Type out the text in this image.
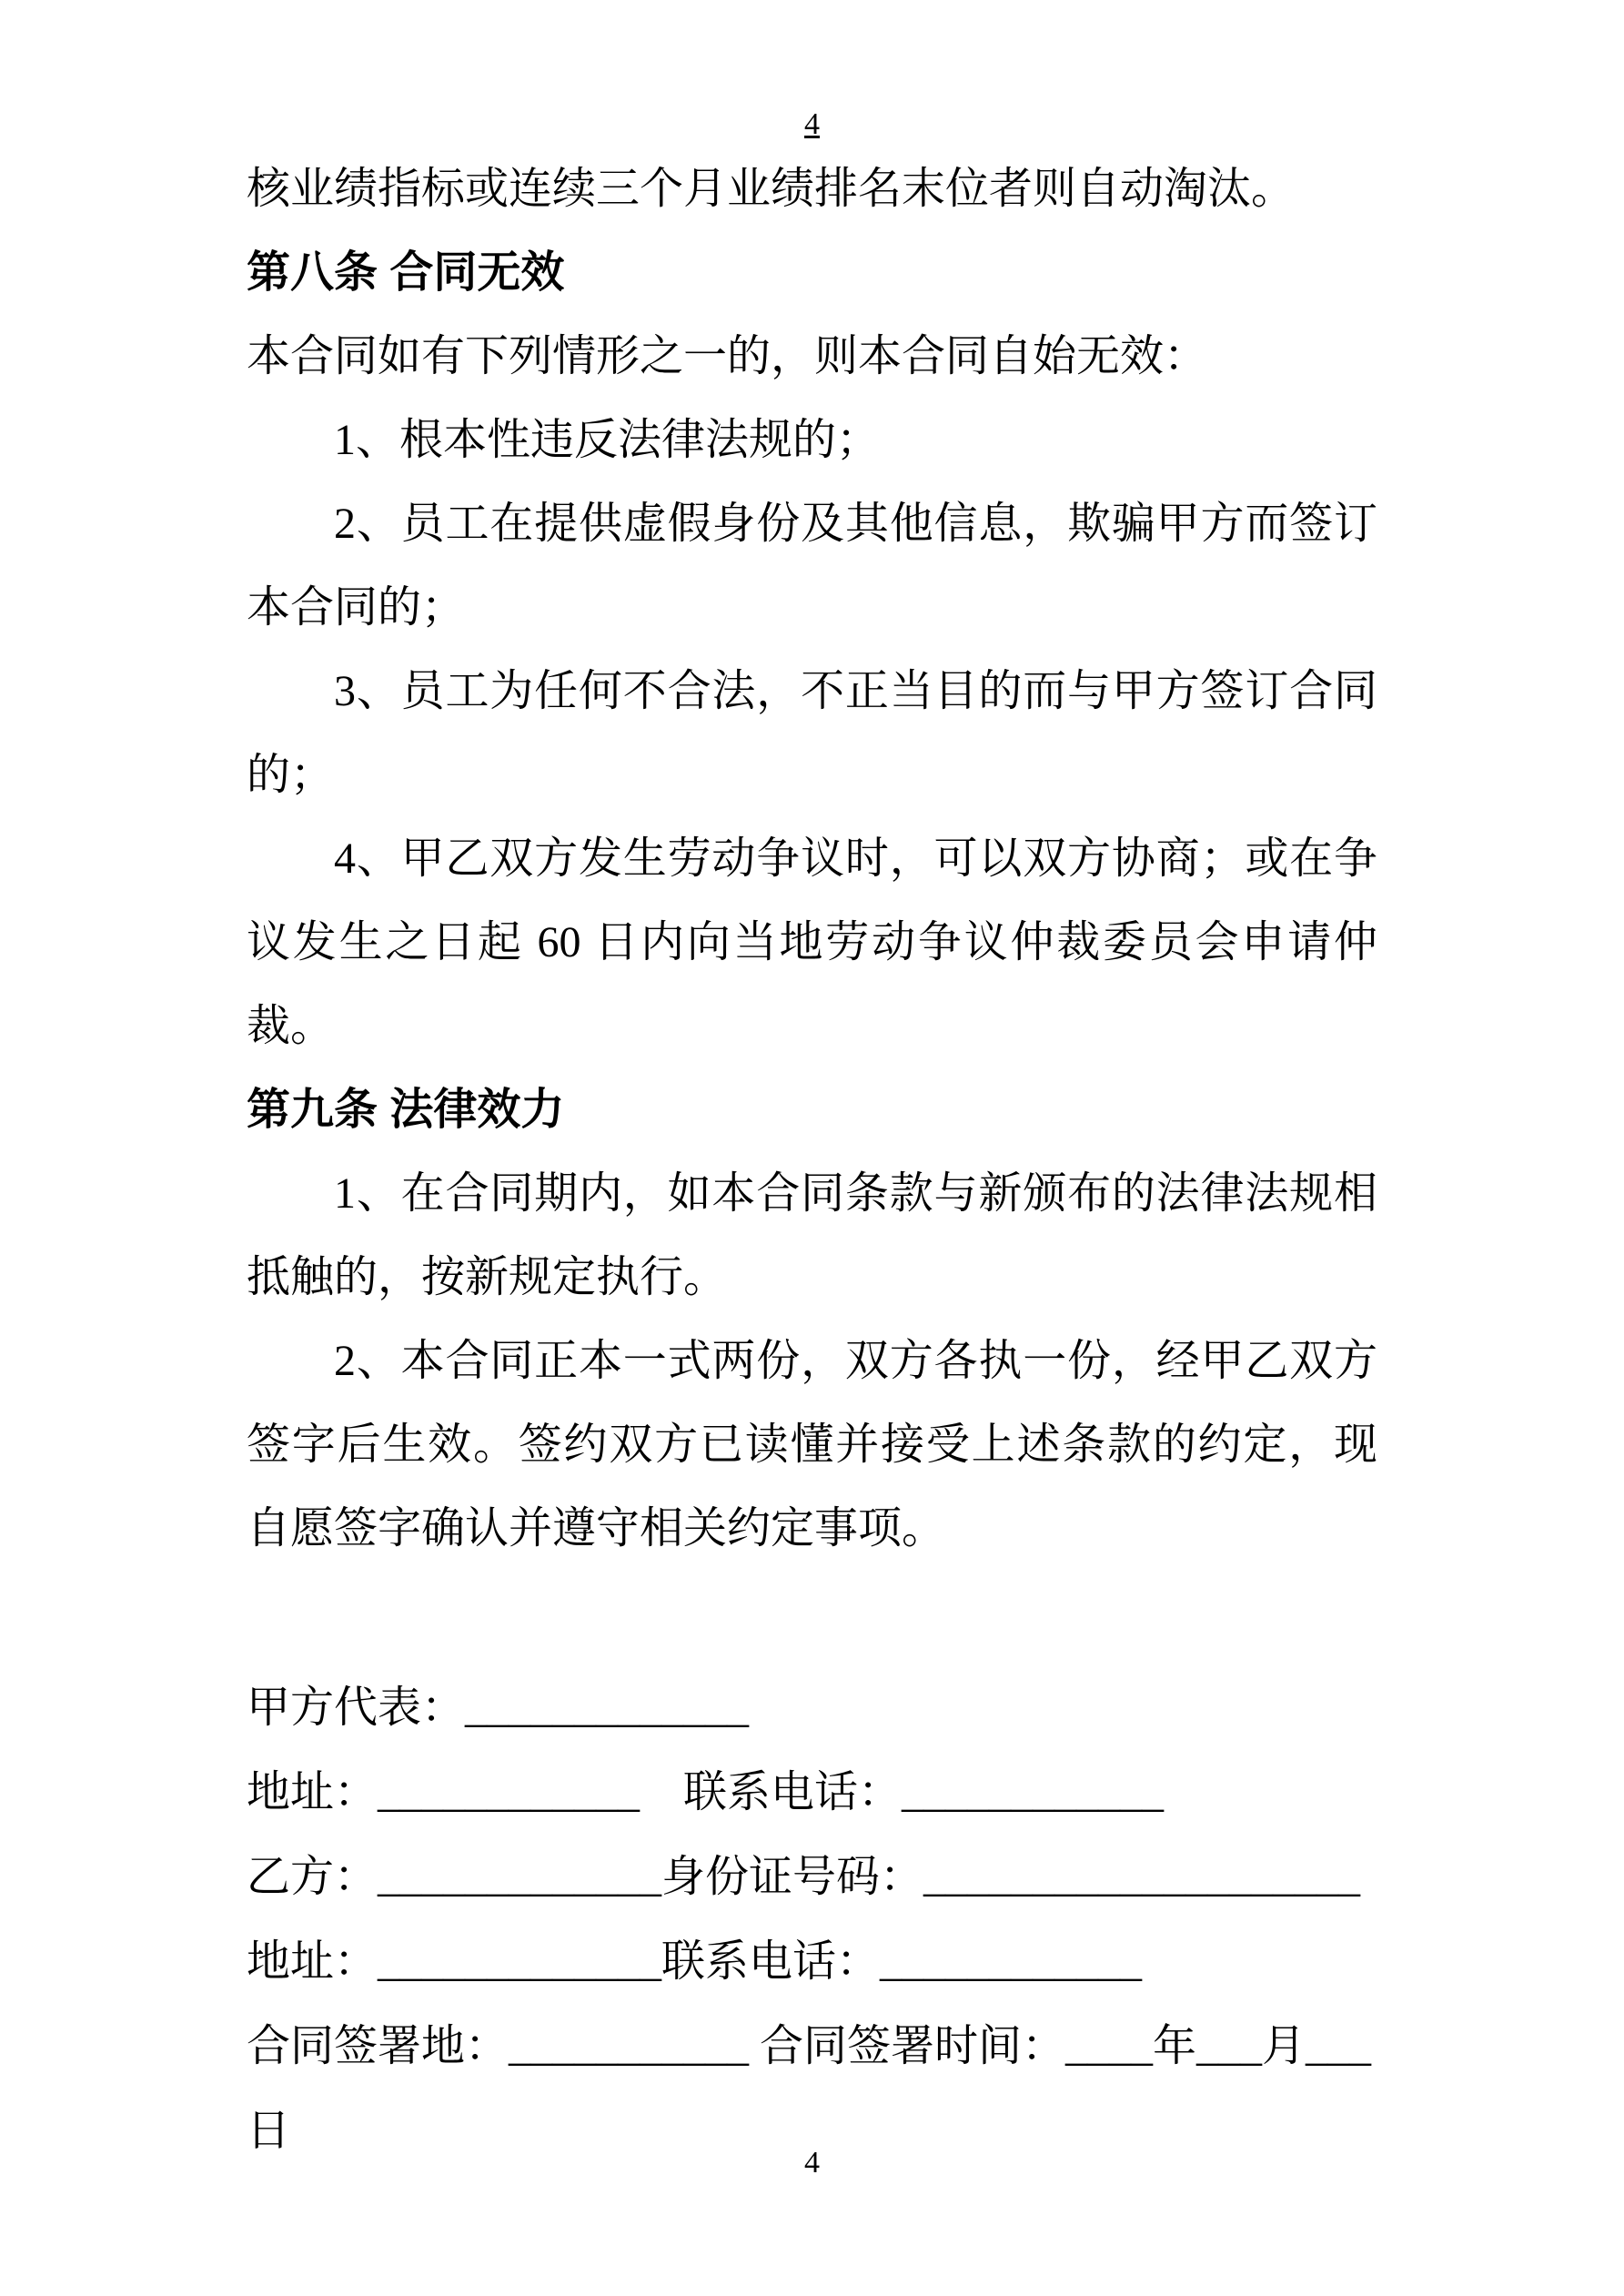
4

核业绩指标或连续三个月业绩排名末位者则自动淘汰。

第八条 合同无效

本合同如有下列情形之一的，则本合同自始无效：

1、根本性违反法律法规的；

2、员工在提供虚假身份及其他信息，欺骗甲方而签订本合同的；

3、员工为任何不合法，不正当目的而与甲方签订合同的；

4、甲乙双方发生劳动争议时，可以双方协商；或在争议发生之日起 60 日内向当地劳动争议仲裁委员会申请仲裁。

第九条 法律效力

1、在合同期内，如本合同条款与新颁布的法律法规相抵触的，按新规定执行。

2、本合同正本一式两份，双方各执一份，经甲乙双方签字后生效。签约双方已读懂并接受上述条款的约定，现自愿签字确认并遵守相关约定事项。

甲方代表：_____________

地址：____________　联系电话：____________

乙方：_____________身份证号码：____________________

地址：_____________联系电话：____________

合同签署地：___________ 合同签署时间：____年___月___日

4
